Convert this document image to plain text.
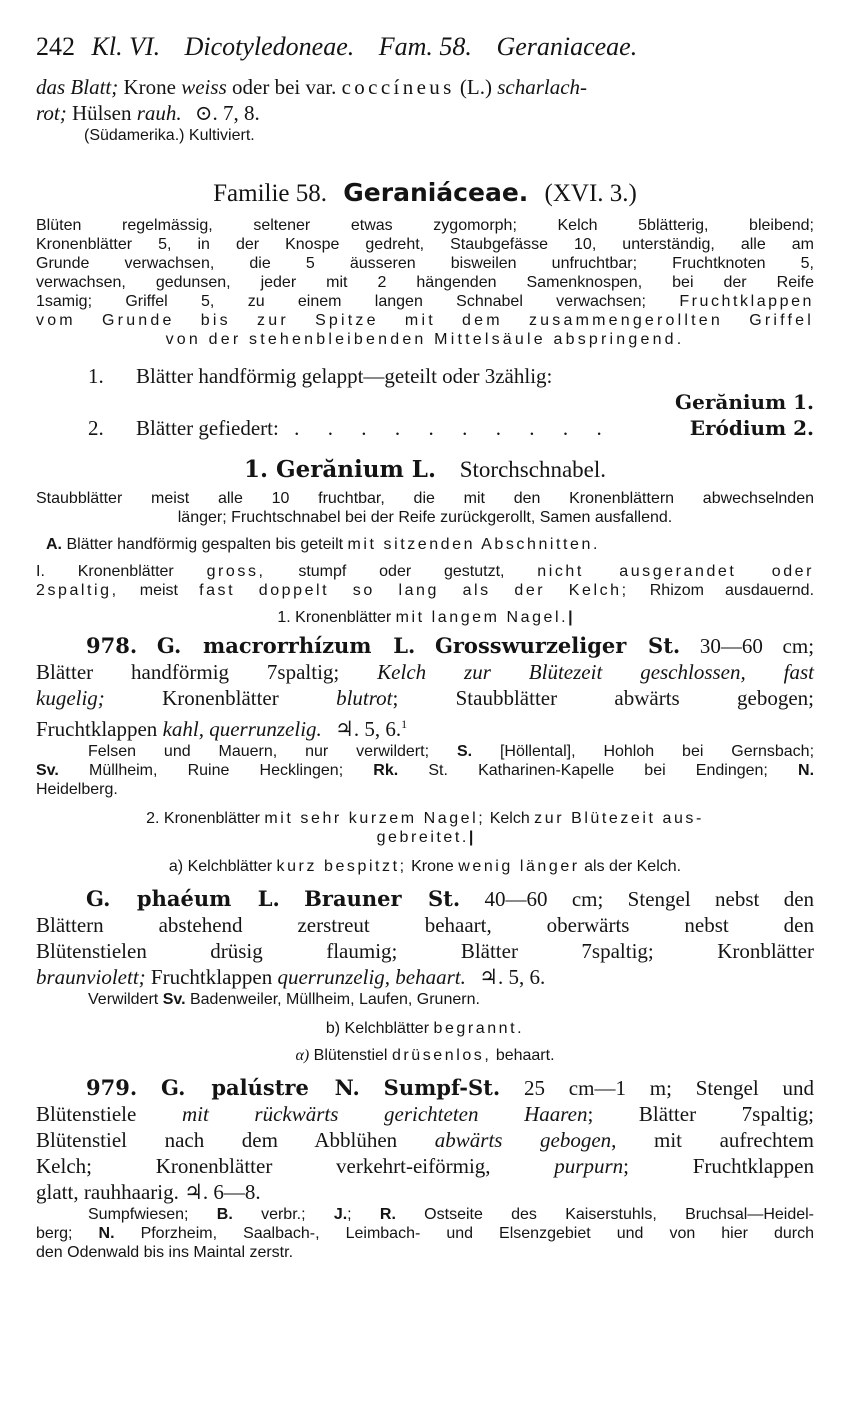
242 Kl. VI. Dicotyledoneae. Fam. 58. Geraniaceae.
das Blatt; Krone weiss oder bei var. coccíneus (L.) scharlach-
rot; Hülsen rauh. ⊙. 7, 8.
(Südamerika.) Kultiviert.
Familie 58. Geraniáceae. (XVI. 3.)
Blüten regelmässig, seltener etwas zygomorph; Kelch 5blätterig, bleibend;
Kronenblätter 5, in der Knospe gedreht, Staubgefässe 10, unterständig, alle am
Grunde verwachsen, die 5 äusseren bisweilen unfruchtbar; Fruchtknoten 5,
verwachsen, gedunsen, jeder mit 2 hängenden Samenknospen, bei der Reife
1samig; Griffel 5, zu einem langen Schnabel verwachsen; Fruchtklappen
vom Grunde bis zur Spitze mit dem zusammengerollten Griffel
von der stehenbleibenden Mittelsäule abspringend.
1. Blätter handförmig gelappt—geteilt oder 3zählig:
Gerănium 1.
2. Blätter gefiedert: . . . . . . . . . .	Eródium 2.
1. Gerănium L. Storchschnabel.
Staubblätter meist alle 10 fruchtbar, die mit den Kronenblättern abwechselnden
länger; Fruchtschnabel bei der Reife zurückgerollt, Samen ausfallend.
A. Blätter handförmig gespalten bis geteilt mit sitzenden Abschnitten.
I. Kronenblätter gross, stumpf oder gestutzt, nicht ausgerandet oder
2spaltig, meist fast doppelt so lang als der Kelch; Rhizom ausdauernd.
1. Kronenblätter mit langem Nagel.|
978. G. macrorrhízum L. Grosswurzeliger St. 30—60 cm;
Blätter handförmig 7spaltig; Kelch zur Blütezeit geschlossen, fast
kugelig;	Kronenblätter	blutrot; Staubblätter abwärts gebogen;
Fruchtklappen kahl, querrunzelig. ♃. 5, 6.$^1$
Felsen und Mauern, nur verwildert; S. [Höllental], Hohloh bei Gernsbach;
Sv. Müllheim, Ruine Hecklingen; Rk. St. Katharinen-Kapelle bei Endingen; N.
Heidelberg.
2. Kronenblätter mit sehr kurzem Nagel; Kelch zur Blütezeit aus-
gebreitet.|
a) Kelchblätter kurz bespitzt; Krone wenig länger als der Kelch.
G. phaéum L. Brauner St. 40—60 cm; Stengel nebst den
Blättern abstehend zerstreut behaart, oberwärts nebst den
Blütenstielen drüsig flaumig; Blätter 7spaltig; Kronblätter
braunviolett; Fruchtklappen querrunzelig, behaart. ♃. 5, 6.
Verwildert Sv. Badenweiler, Müllheim, Laufen, Grunern.
b) Kelchblätter begrannt.
α) Blütenstiel drüsenlos, behaart.
979. G. palústre N. Sumpf-St. 25 cm—1 m; Stengel und
Blütenstiele mit rückwärts gerichteten Haaren; Blätter 7spaltig;
Blütenstiel nach dem Abblühen abwärts gebogen, mit aufrechtem
Kelch; Kronenblätter verkehrt-eiförmig,	purpurn; Fruchtklappen
glatt, rauhhaarig. ♃. 6—8.
Sumpfwiesen; B. verbr.; J.; R. Ostseite des Kaiserstuhls, Bruchsal—Heidel-
berg; N. Pforzheim, Saalbach-, Leimbach- und Elsenzgebiet und von hier durch
den Odenwald bis ins Maintal zerstr.
